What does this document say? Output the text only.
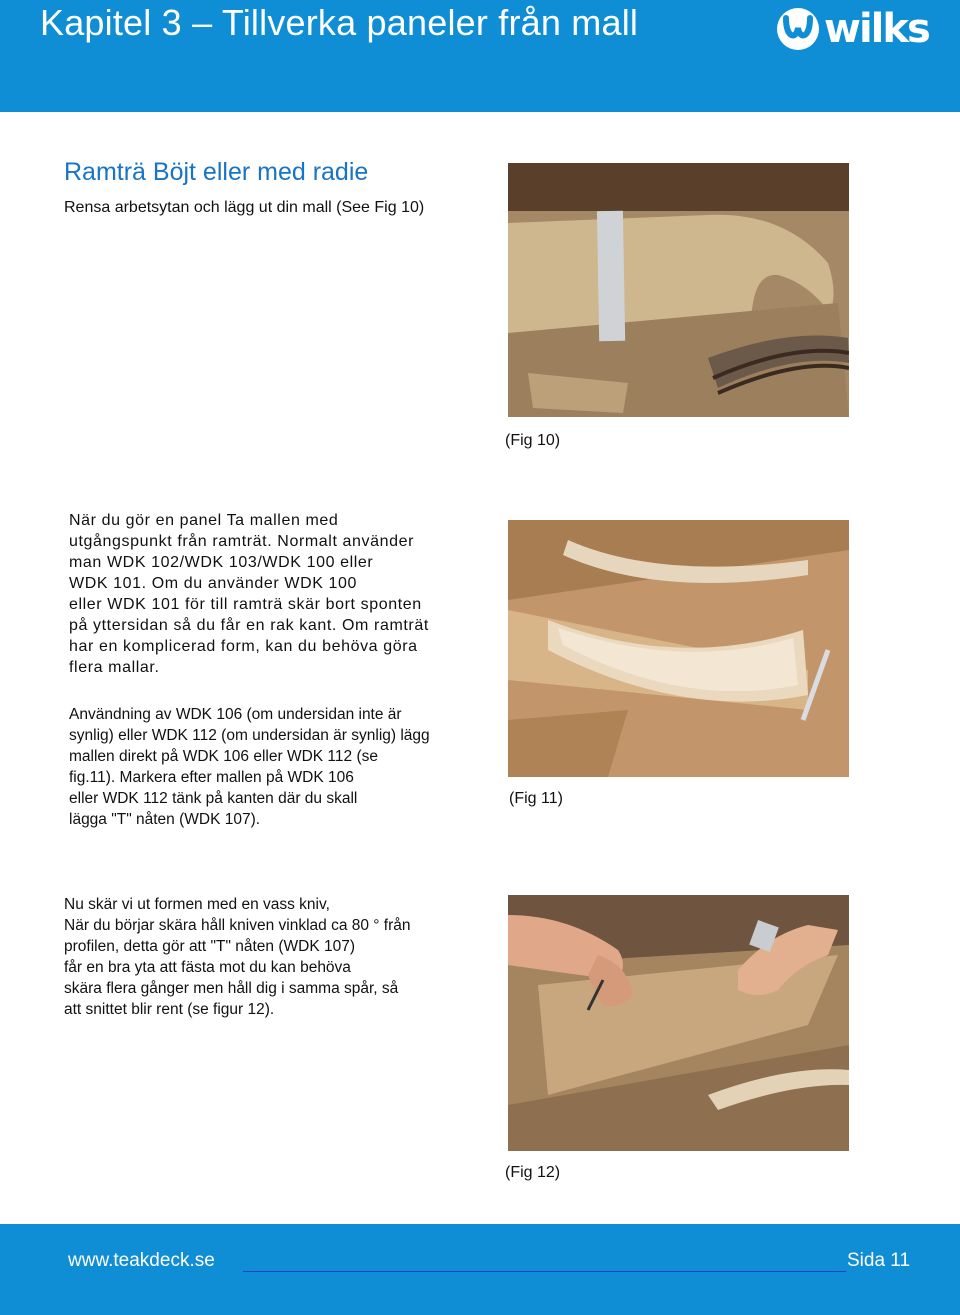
Kapitel 3 – Tillverka paneler från mall	wilks
Ramträ Böjt eller med radie
Rensa arbetsytan och lägg ut din mall (See Fig 10)
(Fig 10)

När du gör en panel Ta mallen med

utgångspunkt från ramträt. Normalt använder

man WDK 102/WDK 103/WDK 100 eller

WDK 101. Om du använder WDK 100

eller WDK 101 för till ramträ skär bort sponten

på yttersidan så du får en rak kant. Om ramträt

har en komplicerad form, kan du behöva göra

flera mallar.

(Fig 11)

Användning av WDK 106 (om undersidan inte är

synlig) eller WDK 112 (om undersidan är synlig) lägg

mallen direkt på WDK 106 eller WDK 112 (se

fig.11). Markera efter mallen på WDK 106

eller WDK 112 tänk på kanten där du skall

lägga "T" nåten (WDK 107).

Nu skär vi ut formen med en vass kniv,

När du börjar skära håll kniven vinklad ca 80 ° från

profilen, detta gör att "T" nåten (WDK 107)

får en bra yta att fästa mot du kan behöva

skära flera gånger men håll dig i samma spår, så

att snittet blir rent (se figur 12).

(Fig 12)
www.teakdeck.se	Sida 11
